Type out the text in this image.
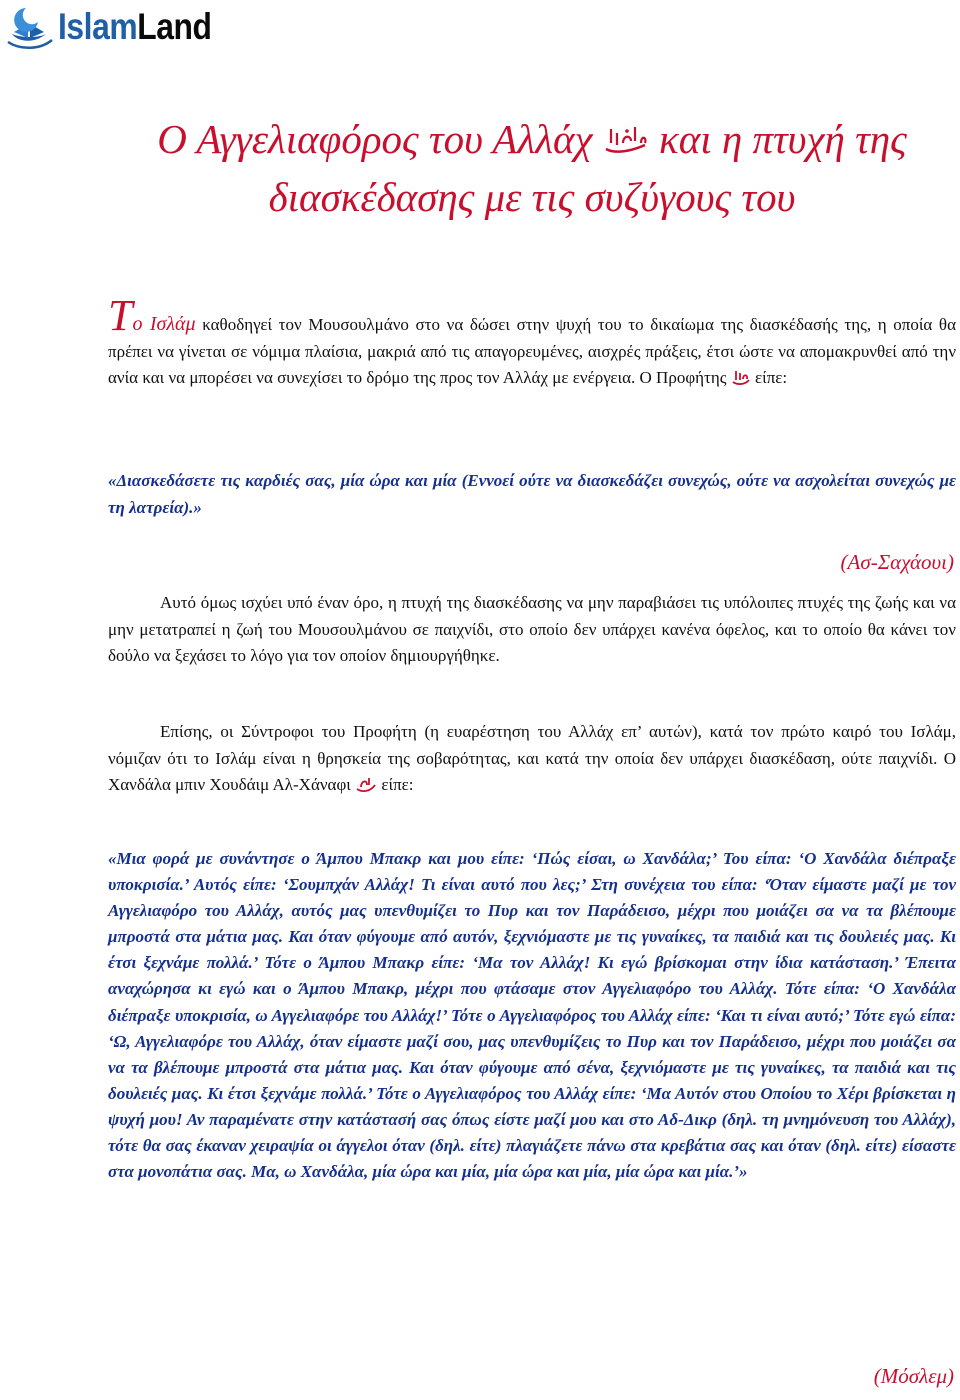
IslamLand
Ο Αγγελιαφόρος του Αλλάχ και η πτυχή της διασκέδασης με τις συζύγους του

Το Ισλάμ καθοδηγεί τον Μουσουλμάνο στο να δώσει στην ψυχή του το δικαίωμα της διασκέδασής της, η οποία θα πρέπει να γίνεται σε νόμιμα πλαίσια, μακριά από τις απαγορευμένες, αισχρές πράξεις, έτσι ώστε να απομακρυνθεί από την ανία και να μπορέσει να συνεχίσει το δρόμο της προς τον Αλλάχ με ενέργεια. Ο Προφήτης  είπε:

«Διασκεδάσετε τις καρδιές σας, μία ώρα και μία (Εννοεί ούτε να διασκεδάζει συνεχώς, ούτε να ασχολείται συνεχώς με τη λατρεία).»

(Ασ-Σαχάουι)

Αυτό όμως ισχύει υπό έναν όρο, η πτυχή της διασκέδασης να μην παραβιάσει τις υπόλοιπες πτυχές της ζωής και να μην μετατραπεί η ζωή του Μουσουλμάνου σε παιχνίδι, στο οποίο δεν υπάρχει κανένα όφελος, και το οποίο θα κάνει τον δούλο να ξεχάσει το λόγο για τον οποίον δημιουργήθηκε.

Επίσης, οι Σύντροφοι του Προφήτη (η ευαρέστηση του Αλλάχ επ’ αυτών), κατά τον πρώτο καιρό του Ισλάμ, νόμιζαν ότι το Ισλάμ είναι η θρησκεία της σοβαρότητας, και κατά την οποία δεν υπάρχει διασκέδαση, ούτε παιχνίδι. Ο Χανδάλα μπιν Χουδάιμ Αλ-Χάναφι  είπε:

«Μια φορά με συνάντησε ο Άμπου Μπακρ και μου είπε: ‘Πώς είσαι, ω Χανδάλα;’ Του είπα: ‘Ο Χανδάλα διέπραξε υποκρισία.’ Αυτός είπε: ‘Σουμπχάν Αλλάχ! Τι είναι αυτό που λες;’ Στη συνέχεια του είπα: ‘Όταν είμαστε μαζί με τον Αγγελιαφόρο του Αλλάχ, αυτός μας υπενθυμίζει το Πυρ και τον Παράδεισο, μέχρι που μοιάζει σα να τα βλέπουμε μπροστά στα μάτια μας. Και όταν φύγουμε από αυτόν, ξεχνιόμαστε με τις γυναίκες, τα παιδιά και τις δουλειές μας. Κι έτσι ξεχνάμε πολλά.’ Τότε ο Άμπου Μπακρ είπε: ‘Μα τον Αλλάχ! Κι εγώ βρίσκομαι στην ίδια κατάσταση.’ Έπειτα αναχώρησα κι εγώ και ο Άμπου Μπακρ, μέχρι που φτάσαμε στον Αγγελιαφόρο του Αλλάχ. Τότε είπα: ‘Ο Χανδάλα διέπραξε υποκρισία, ω Αγγελιαφόρε του Αλλάχ!’ Τότε ο Αγγελιαφόρος του Αλλάχ είπε: ‘Και τι είναι αυτό;’ Τότε εγώ είπα: ‘Ω, Αγγελιαφόρε του Αλλάχ, όταν είμαστε μαζί σου, μας υπενθυμίζεις το Πυρ και τον Παράδεισο, μέχρι που μοιάζει σα να τα βλέπουμε μπροστά στα μάτια μας. Και όταν φύγουμε από σένα, ξεχνιόμαστε με τις γυναίκες, τα παιδιά και τις δουλειές μας. Κι έτσι ξεχνάμε πολλά.’ Τότε ο Αγγελιαφόρος του Αλλάχ είπε: ‘Μα Αυτόν στου Οποίου το Χέρι βρίσκεται η ψυχή μου! Αν παραμένατε στην κατάστασή σας όπως είστε μαζί μου και στο Αδ-Δικρ (δηλ. τη μνημόνευση του Αλλάχ), τότε θα σας έκαναν χειραψία οι άγγελοι όταν (δηλ. είτε) πλαγιάζετε πάνω στα κρεβάτια σας και όταν (δηλ. είτε) είσαστε στα μονοπάτια σας. Μα, ω Χανδάλα, μία ώρα και μία, μία ώρα και μία, μία ώρα και μία.’»

(Μόσλεμ)
